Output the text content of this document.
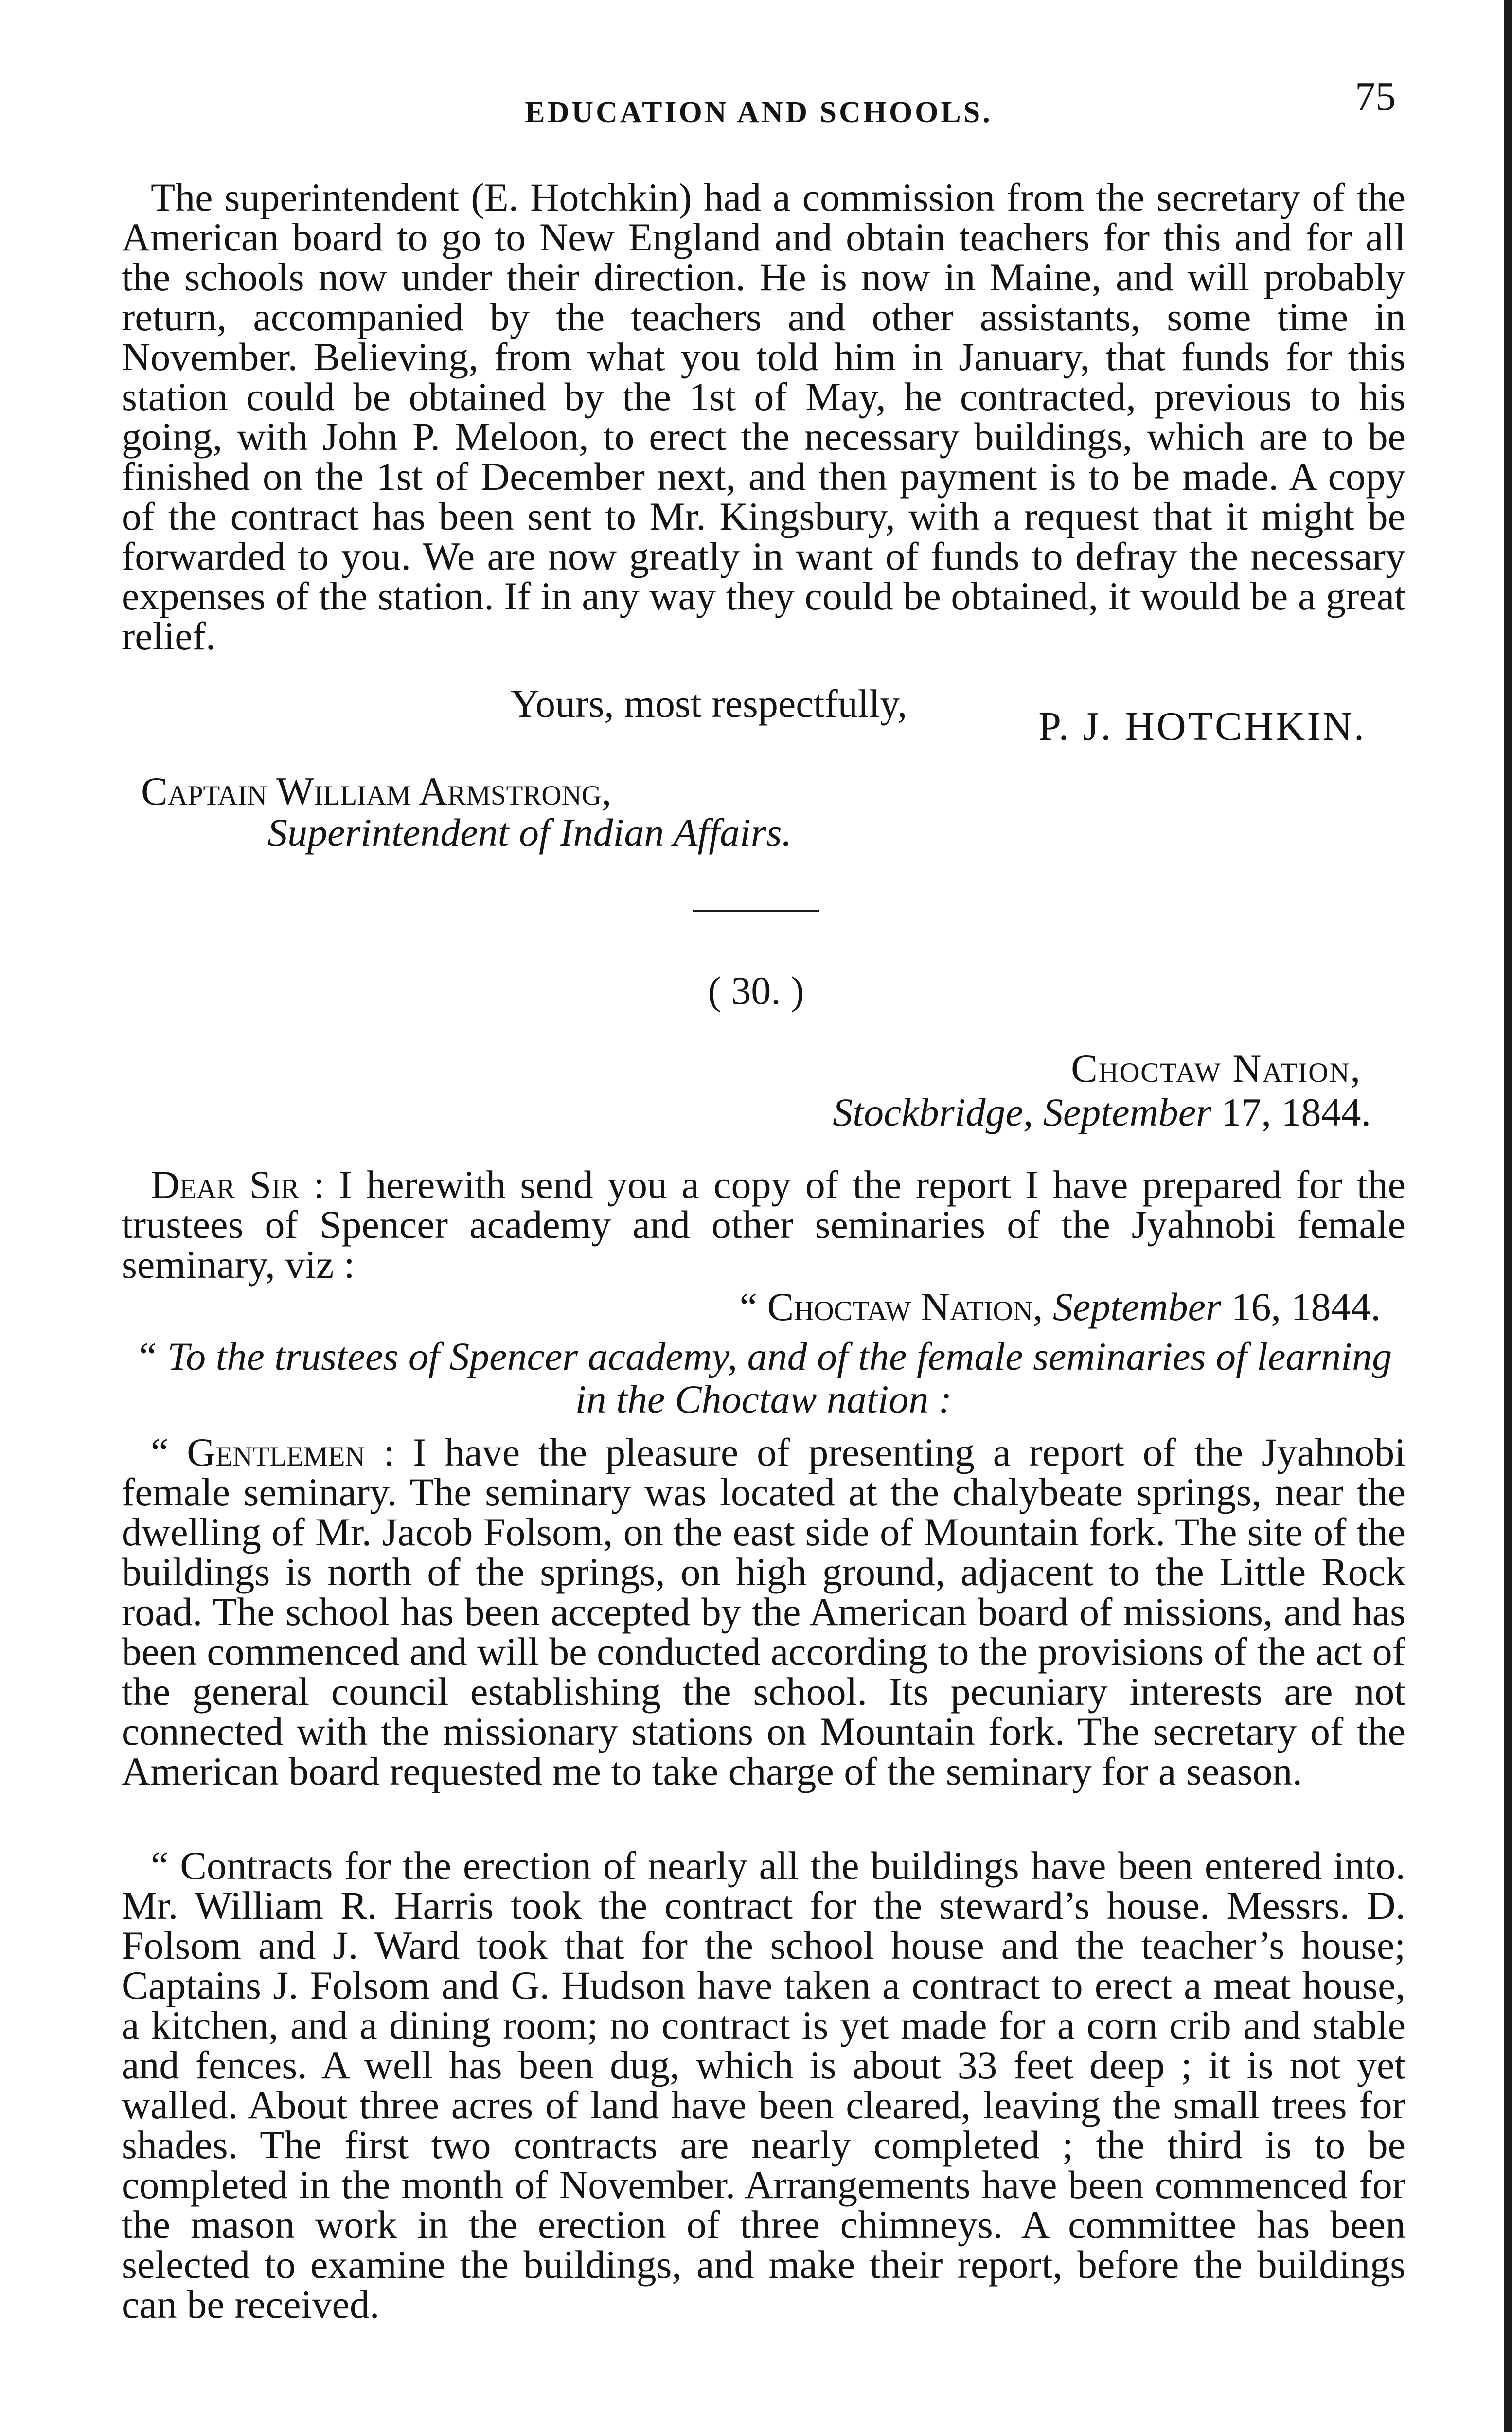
EDUCATION AND SCHOOLS.	75

The superintendent (E. Hotchkin) had a commission from the secretary of the American board to go to New England and obtain teachers for this and for all the schools now under their direction. He is now in Maine, and will probably return, accompanied by the teachers and other assistants, some time in November. Believing, from what you told him in January, that funds for this station could be obtained by the 1st of May, he contracted, previous to his going, with John P. Meloon, to erect the necessary buildings, which are to be finished on the 1st of December next, and then payment is to be made. A copy of the contract has been sent to Mr. Kingsbury, with a request that it might be forwarded to you. We are now greatly in want of funds to defray the necessary expenses of the station. If in any way they could be obtained, it would be a great relief.

Yours, most respectfully,
P. J. HOTCHKIN.
Captain William Armstrong,
Superintendent of Indian Affairs.
( 30. )
Choctaw Nation,
Stockbridge, September 17, 1844.

Dear Sir : I herewith send you a copy of the report I have prepared for the trustees of Spencer academy and other seminaries of the Jyahnobi female seminary, viz :

“ Choctaw Nation, September 16, 1844.
“ To the trustees of Spencer academy, and of the female seminaries of learning in the Choctaw nation :

“ Gentlemen : I have the pleasure of presenting a report of the Jyahnobi female seminary. The seminary was located at the chalybeate springs, near the dwelling of Mr. Jacob Folsom, on the east side of Mountain fork. The site of the buildings is north of the springs, on high ground, adjacent to the Little Rock road. The school has been accepted by the American board of missions, and has been commenced and will be conducted according to the provisions of the act of the general council establishing the school. Its pecuniary interests are not connected with the missionary stations on Mountain fork. The secretary of the American board requested me to take charge of the seminary for a season.

“ Contracts for the erection of nearly all the buildings have been entered into. Mr. William R. Harris took the contract for the steward’s house. Messrs. D. Folsom and J. Ward took that for the school house and the teacher’s house; Captains J. Folsom and G. Hudson have taken a contract to erect a meat house, a kitchen, and a dining room; no contract is yet made for a corn crib and stable and fences. A well has been dug, which is about 33 feet deep ; it is not yet walled. About three acres of land have been cleared, leaving the small trees for shades. The first two contracts are nearly completed ; the third is to be completed in the month of November. Arrangements have been commenced for the mason work in the erection of three chimneys. A committee has been selected to examine the buildings, and make their report, before the buildings can be received.
